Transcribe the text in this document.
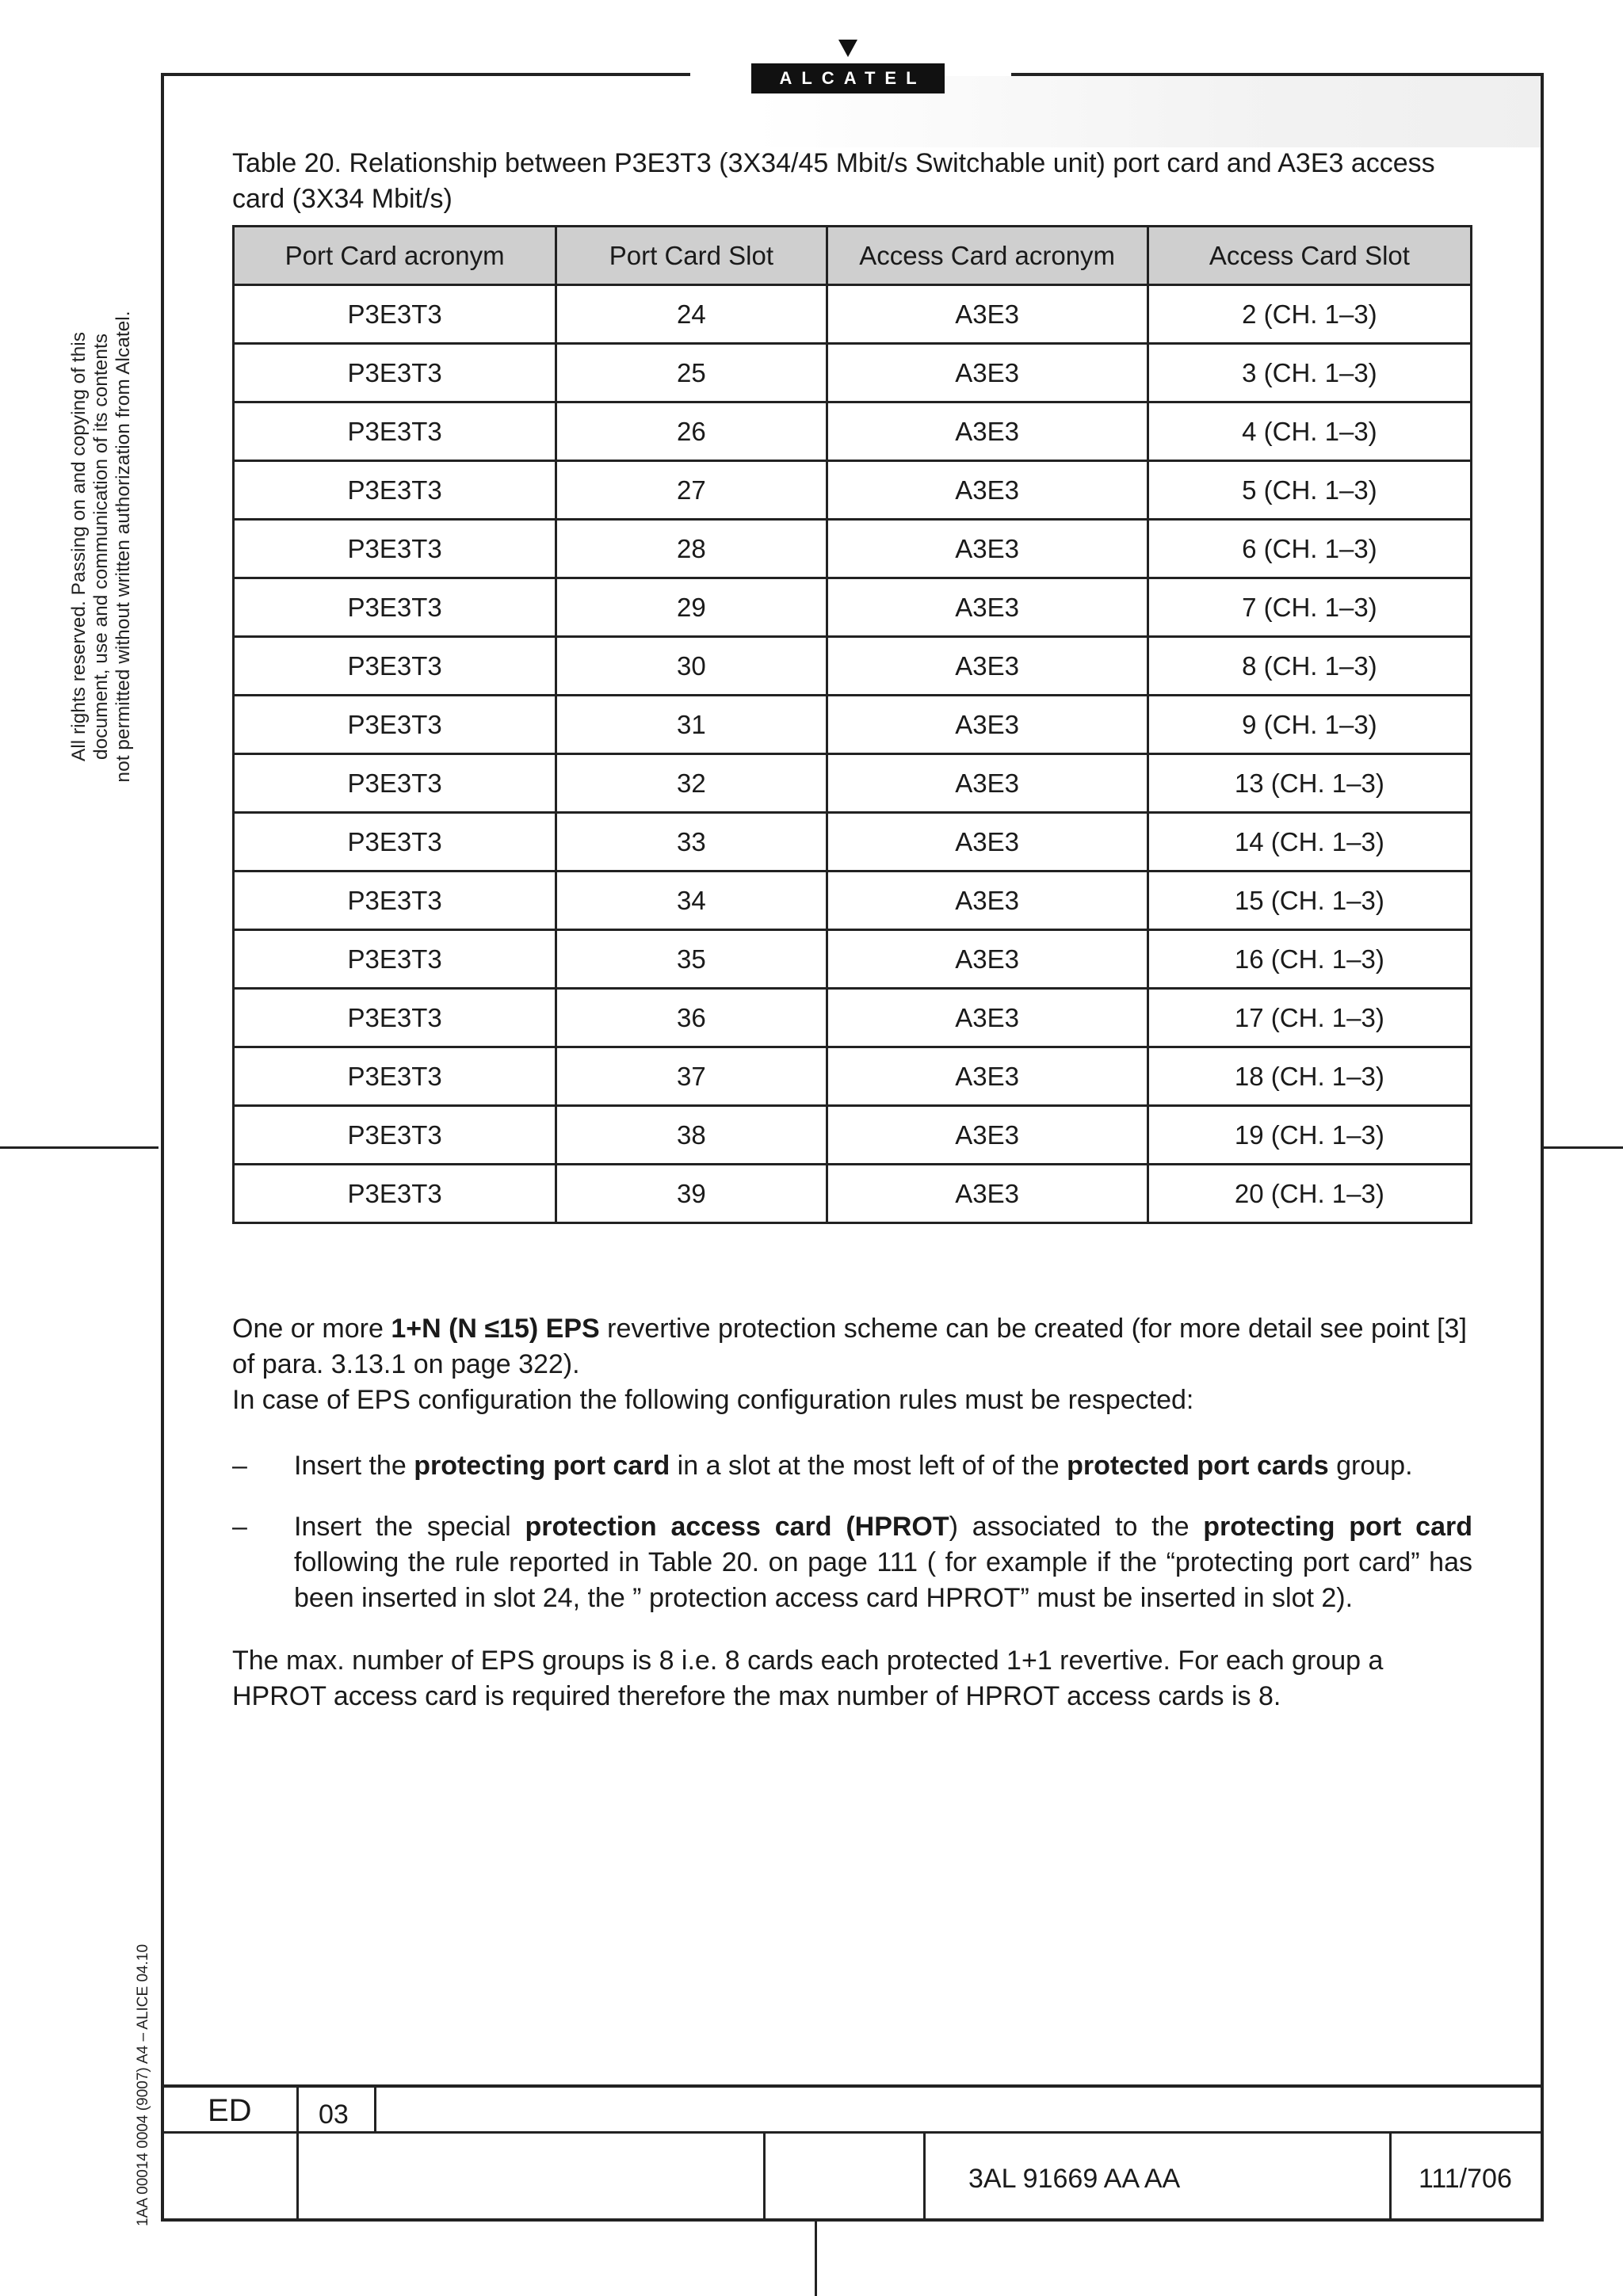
ALCATEL
All rights reserved. Passing on and copying of this document, use and communication of its contents not permitted without written authorization from Alcatel.
1AA 00014 0004 (9007) A4 – ALICE 04.10
Table 20. Relationship between P3E3T3 (3X34/45 Mbit/s Switchable unit) port card and A3E3 access card (3X34 Mbit/s)
Port Card acronym	Port Card Slot	Access Card acronym	Access Card Slot
P3E3T3	24	A3E3	2 (CH. 1–3)
P3E3T3	25	A3E3	3 (CH. 1–3)
P3E3T3	26	A3E3	4 (CH. 1–3)
P3E3T3	27	A3E3	5 (CH. 1–3)
P3E3T3	28	A3E3	6 (CH. 1–3)
P3E3T3	29	A3E3	7 (CH. 1–3)
P3E3T3	30	A3E3	8 (CH. 1–3)
P3E3T3	31	A3E3	9 (CH. 1–3)
P3E3T3	32	A3E3	13 (CH. 1–3)
P3E3T3	33	A3E3	14 (CH. 1–3)
P3E3T3	34	A3E3	15 (CH. 1–3)
P3E3T3	35	A3E3	16 (CH. 1–3)
P3E3T3	36	A3E3	17 (CH. 1–3)
P3E3T3	37	A3E3	18 (CH. 1–3)
P3E3T3	38	A3E3	19 (CH. 1–3)
P3E3T3	39	A3E3	20 (CH. 1–3)
One or more 1+N (N ≤15) EPS revertive protection scheme can be created (for more detail see point [3] of para. 3.13.1 on page 322).
In case of EPS configuration the following configuration rules must be respected:
– Insert the protecting port card in a slot at the most left of of the protected port cards group.
– Insert the special protection access card (HPROT) associated to the protecting port card following the rule reported in Table 20. on page 111 ( for example if the “protecting port card” has been inserted in slot 24, the ” protection access card HPROT” must be inserted in slot 2).
The max. number of EPS groups is 8 i.e. 8 cards each protected 1+1 revertive. For each group a HPROT access card is required therefore the max number of HPROT access cards is 8.
ED 03
3AL 91669 AA AA	111/706
